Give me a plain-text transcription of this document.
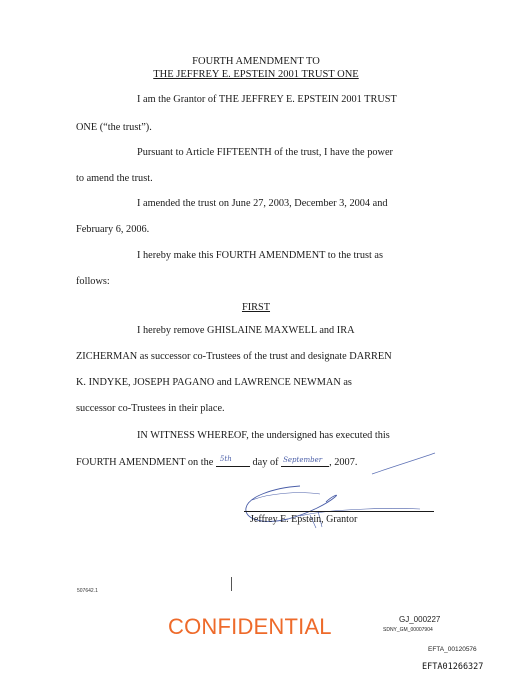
FOURTH AMENDMENT TO
THE JEFFREY E. EPSTEIN 2001 TRUST ONE
I am the Grantor of THE JEFFREY E. EPSTEIN 2001 TRUST
ONE (“the trust”).
Pursuant to Article FIFTEENTH of the trust, I have the power
to amend the trust.
I amended the trust on June 27, 2003, December 3, 2004 and
February 6, 2006.
I hereby make this FOURTH AMENDMENT to the trust as
follows:
FIRST
I hereby remove GHISLAINE MAXWELL and IRA
ZICHERMAN as successor co-Trustees of the trust and designate DARREN
K. INDYKE, JOSEPH PAGANO and LAWRENCE NEWMAN as
successor co-Trustees in their place.
IN WITNESS WHEREOF, the undersigned has executed this
FOURTH AMENDMENT on the 5th day of September , 2007.
Jeffrey E. Epstein, Grantor
507642.1
CONFIDENTIAL	GJ_000227
SDNY_GM_00007904
EFTA_00120576
EFTA01266327
